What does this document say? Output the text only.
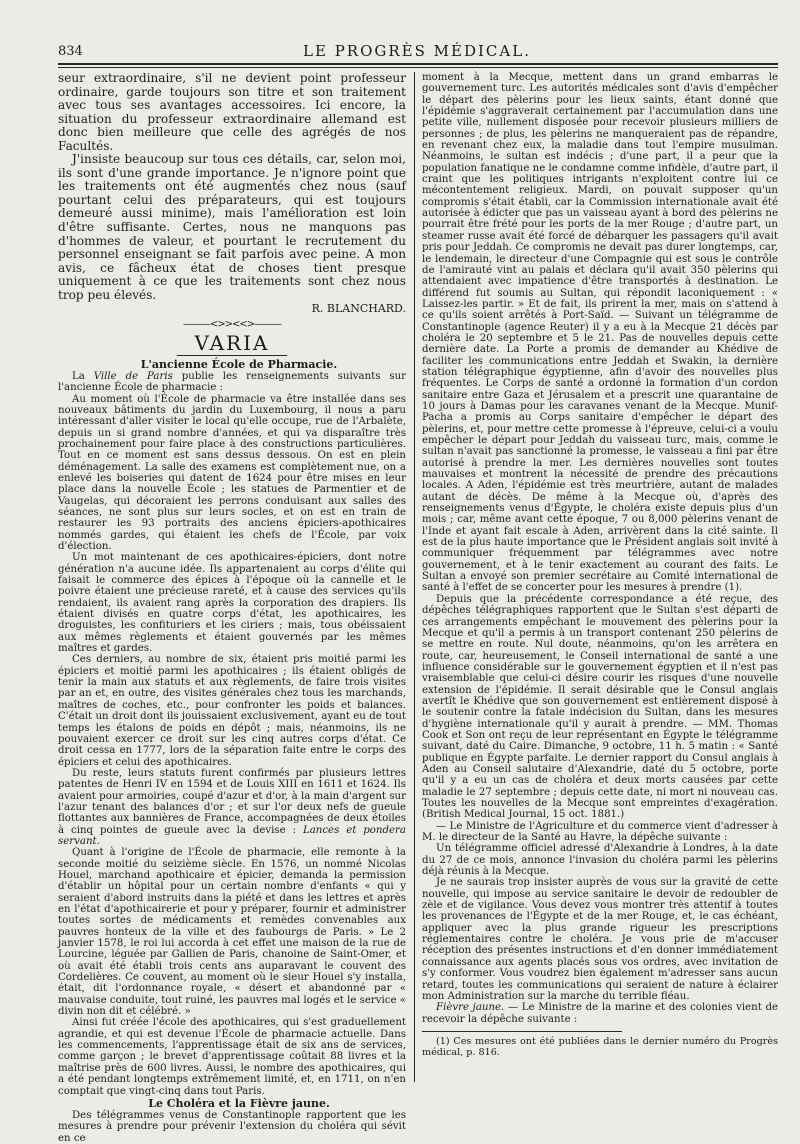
834	LE PROGRÈS MÉDICAL.

seur extraordinaire, s'il ne devient point professeur ordinaire, garde toujours son titre et son traitement avec tous ses avantages accessoires. Ici encore, la situation du professeur extraordinaire allemand est donc bien meilleure que celle des agrégés de nos Facultés.

J'insiste beaucoup sur tous ces détails, car, selon moi, ils sont d'une grande importance. Je n'ignore point que les traitements ont été augmentés chez nous (sauf pourtant celui des préparateurs, qui est toujours demeuré aussi minime), mais l'amélioration est loin d'être suffisante. Certes, nous ne manquons pas d'hommes de valeur, et pourtant le recrutement du personnel enseignant se fait parfois avec peine. A mon avis, ce fâcheux état de choses tient presque uniquement à ce que les traitements sont chez nous trop peu élevés.

R. BLANCHARD.

———<>><<>———
VARIA

L'ancienne École de Pharmacie.

La Ville de Paris publie les renseignements suivants sur l'ancienne École de pharmacie :

Au moment où l'École de pharmacie va être installée dans ses nouveaux bâtiments du jardin du Luxembourg, il nous a paru intéressant d'aller visiter le local qu'elle occupe, rue de l'Arbalète, depuis un si grand nombre d'années, et qui va disparaître très prochainement pour faire place à des constructions particulières. Tout en ce moment est sans dessus dessous. On est en plein déménagement. La salle des examens est complètement nue, on a enlevé les boiseries qui datent de 1624 pour être mises en leur place dans la nouvelle École ; les statues de Parmentier et de Vaugelas, qui décoraient les perrons conduisant aux salles des séances, ne sont plus sur leurs socles, et on est en train de restaurer les 93 portraits des anciens épiciers-apothicaires nommés gardes, qui étaient les chefs de l'École, par voix d'élection.

Un mot maintenant de ces apothicaires-épiciers, dont notre génération n'a aucune idée. Ils appartenaient au corps d'élite qui faisait le commerce des épices à l'époque où la cannelle et le poivre étaient une précieuse rareté, et à cause des services qu'ils rendaient, ils avaient rang après la corporation des drapiers. Ils étaient divisés en quatre corps d'état, les apothicaires, les droguistes, les confituriers et les ciriers ; mais, tous obéissaient aux mêmes règlements et étaient gouvernés par les mêmes maîtres et gardes.

Ces derniers, au nombre de six, étaient pris moitié parmi les épiciers et moitié parmi les apothicaires ; ils étaient obligés de tenir la main aux statuts et aux règlements, de faire trois visites par an et, en outre, des visites générales chez tous les marchands, maîtres de coches, etc., pour confronter les poids et balances. C'était un droit dont ils jouissaient exclusivement, ayant eu de tout temps les étalons de poids en dépôt ; mais, néanmoins, ils ne pouvaient exercer ce droit sur les cinq autres corps d'état. Ce droit cessa en 1777, lors de la séparation faite entre le corps des épiciers et celui des apothicaires.

Du reste, leurs statuts furent confirmés par plusieurs lettres patentes de Henri IV en 1594 et de Louis XIII en 1611 et 1624. Ils avaient pour armoiries, coupé d'azur et d'or, à la main d'argent sur l'azur tenant des balances d'or ; et sur l'or deux nefs de gueule flottantes aux bannières de France, accompagnées de deux étoiles à cinq pointes de gueule avec la devise : Lances et pondera servant.

Quant à l'origine de l'École de pharmacie, elle remonte à la seconde moitié du seizième siècle. En 1576, un nommé Nicolas Houel, marchand apothicaire et épicier, demanda la permission d'établir un hôpital pour un certain nombre d'enfants « qui y seraient d'abord instruits dans la piété et dans les lettres et après en l'état d'apothicairerie et pour y préparer, fournir et administrer toutes sortes de médicaments et remèdes convenables aux pauvres honteux de la ville et des faubourgs de Paris. » Le 2 janvier 1578, le roi lui accorda à cet effet une maison de la rue de Lourcine, léguée par Gallien de Paris, chanoine de Saint-Omer, et où avait été établi trois cents ans auparavant le couvent des Cordelières. Ce couvent, au moment où le sieur Houel s'y installa, était, dit l'ordonnance royale, « désert et abandonné par « mauvaise conduite, tout ruiné, les pauvres mal logés et le service « divin non dit et célébré. »

Ainsi fut créée l'école des apothicaires, qui s'est graduellement agrandie, et qui est devenue l'École de pharmacie actuelle. Dans les commencements, l'apprentissage était de six ans de services, comme garçon ; le brevet d'apprentissage coûtait 88 livres et la maîtrise près de 600 livres. Aussi, le nombre des apothicaires, qui a été pendant longtemps extrêmement limité, et, en 1711, on n'en comptait que vingt-cinq dans tout Paris.

Le Choléra et la Fièvre jaune.

Des télégrammes venus de Constantinople rapportent que les mesures à prendre pour prévenir l'extension du choléra qui sévit en ce

moment à la Mecque, mettent dans un grand embarras le gouvernement turc. Les autorités médicales sont d'avis d'empêcher le départ des pèlerins pour les lieux saints, étant donné que l'épidémie s'aggraverait certainement par l'accumulation dans une petite ville, nullement disposée pour recevoir plusieurs milliers de personnes ; de plus, les pèlerins ne manqueraient pas de répandre, en revenant chez eux, la maladie dans tout l'empire musulman. Néanmoins, le sultan est indécis ; d'une part, il a peur que la population fanatique ne le condamne comme infidèle, d'autre part, il craint que les politiques intrigants n'exploitent contre lui ce mécontentement religieux. Mardi, on pouvait supposer qu'un compromis s'était établi, car la Commission internationale avait été autorisée à édicter que pas un vaisseau ayant à bord des pèlerins ne pourrait être frété pour les ports de la mer Rouge ; d'autre part, un steamer russe avait été forcé de débarquer les passagers qu'il avait pris pour Jeddah. Ce compromis ne devait pas durer longtemps, car, le lendemain, le directeur d'une Compagnie qui est sous le contrôle de l'amirauté vint au palais et déclara qu'il avait 350 pèlerins qui attendaient avec impatience d'être transportés à destination. Le différend fut soumis au Sultan, qui répondit laconiquement : « Laissez-les partir. » Et de fait, ils prirent la mer, mais on s'attend à ce qu'ils soient arrêtés à Port-Saïd. — Suivant un télégramme de Constantinople (agence Reuter) il y a eu à la Mecque 21 décès par choléra le 20 septembre et 5 le 21. Pas de nouvelles depuis cette dernière date. La Porte a promis de demander au Khédive de faciliter les communications entre Jeddah et Swakin, la dernière station télégraphique égyptienne, afin d'avoir des nouvelles plus fréquentes. Le Corps de santé a ordonné la formation d'un cordon sanitaire entre Gaza et Jérusalem et a prescrit une quarantaine de 10 jours à Damas pour les caravanes venant de la Mecque. Munif-Pacha a promis au Corps sanitaire d'empêcher le départ des pèlerins, et, pour mettre cette promesse à l'épreuve, celui-ci a voulu empêcher le départ pour Jeddah du vaisseau turc, mais, comme le sultan n'avait pas sanctionné la promesse, le vaisseau a fini par être autorisé à prendre la mer. Les dernières nouvelles sont toutes mauvaises et montrent la nécessité de prendre des précautions locales. A Aden, l'épidémie est très meurtrière, autant de malades autant de décès. De même à la Mecque où, d'après des renseignements venus d'Égypte, le choléra existe depuis plus d'un mois ; car, même avant cette époque, 7 ou 8,000 pèlerins venant de l'Inde et ayant fait escale à Aden, arrivèrent dans la cité sainte. Il est de la plus haute importance que le Président anglais soit invité à communiquer fréquemment par télégrammes avec notre gouvernement, et à le tenir exactement au courant des faits. Le Sultan a envoyé son premier secrétaire au Comité international de santé à l'effet de se concerter pour les mesures à prendre (1).

Depuis que la précédente correspondance a été reçue, des dépêches télégraphiques rapportent que le Sultan s'est départi de ces arrangements empêchant le mouvement des pèlerins pour la Mecque et qu'il a permis à un transport contenant 250 pèlerins de se mettre en route. Nul doute, néanmoins, qu'on les arrêtera en route, car, heureusement, le Conseil international de santé a une influence considérable sur le gouvernement égyptien et il n'est pas vraisemblable que celui-ci désire courir les risques d'une nouvelle extension de l'épidémie. Il serait désirable que le Consul anglais avertît le Khédive que son gouvernement est entièrement disposé à le soutenir contre la fatale indécision du Sultan, dans les mesures d'hygiène internationale qu'il y aurait à prendre. — MM. Thomas Cook et Son ont reçu de leur représentant en Égypte le télégramme suivant, daté du Caire. Dimanche, 9 octobre, 11 h. 5 matin : « Santé publique en Égypte parfaite. Le dernier rapport du Consul anglais à Aden au Conseil salutaire d'Alexandrie, daté du 5 octobre, porte qu'il y a eu un cas de choléra et deux morts causées par cette maladie le 27 septembre ; depuis cette date, ni mort ni nouveau cas. Toutes les nouvelles de la Mecque sont empreintes d'exagération. (British Medical Journal, 15 oct. 1881.)

— Le Ministre de l'Agriculture et du commerce vient d'adresser à M. le directeur de la Santé au Havre, la dépêche suivante :

Un télégramme officiel adressé d'Alexandrie à Londres, à la date du 27 de ce mois, annonce l'invasion du choléra parmi les pèlerins déjà réunis à la Mecque.

Je ne saurais trop insister auprès de vous sur la gravité de cette nouvelle, qui impose au service sanitaire le devoir de redoubler de zèle et de vigilance. Vous devez vous montrer très attentif à toutes les provenances de l'Égypte et de la mer Rouge, et, le cas échéant, appliquer avec la plus grande rigueur les prescriptions réglementaires contre le choléra. Je vous prie de m'accuser réception des présentes instructions et d'en donner immédiatement connaissance aux agents placés sous vos ordres, avec invitation de s'y conformer. Vous voudrez bien également m'adresser sans aucun retard, toutes les communications qui seraient de nature à éclairer mon Administration sur la marche du terrible fléau.

Fièvre jaune. — Le Ministre de la marine et des colonies vient de recevoir la dépêche suivante :

(1) Ces mesures ont été publiées dans le dernier numéro du Progrès médical, p. 816.
